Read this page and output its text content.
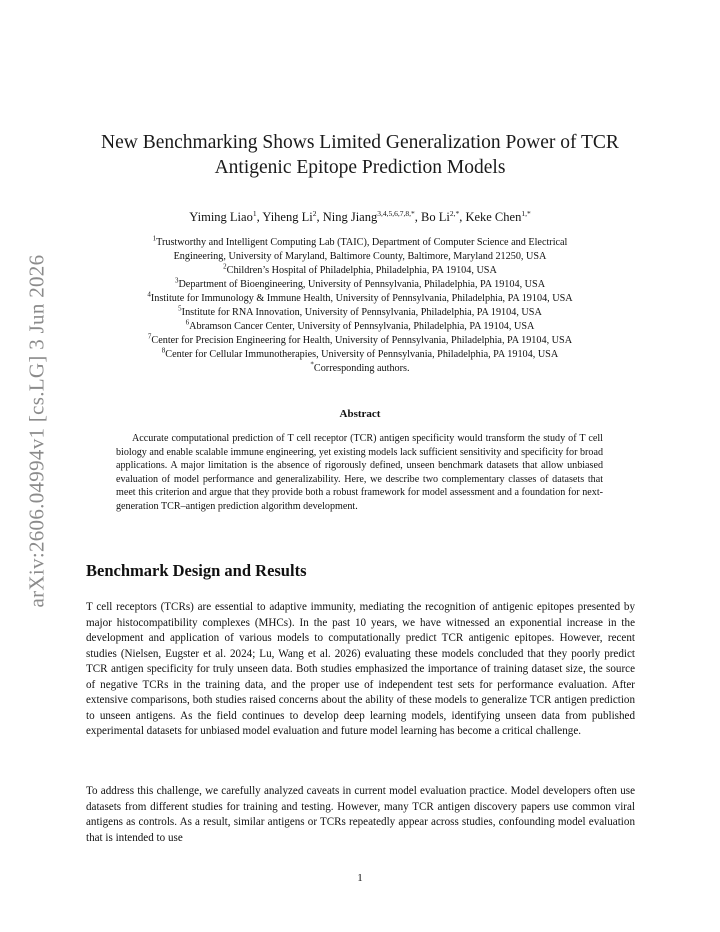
arXiv:2606.04994v1 [cs.LG] 3 Jun 2026
New Benchmarking Shows Limited Generalization Power of TCR
Antigenic Epitope Prediction Models
Yiming Liao$^1$, Yiheng Li$^2$, Ning Jiang$^{3,4,5,6,7,8,*}$, Bo $Li^{2,*}$, Keke Chen$^{1,*}$
$^1$Trustworthy and Intelligent Computing Lab (TAIC), Department of Computer Science and Electrical
Engineering, University of Maryland, Baltimore County, Baltimore, Maryland 21250, USA
$^2$Children’s Hospital of Philadelphia, Philadelphia, PA 19104, USA
$^3$Department of Bioengineering, University of Pennsylvania, Philadelphia, PA 19104, USA
$^4$Institute for Immunology & Immune Health, University of Pennsylvania, Philadelphia, PA 19104, USA
$^5$Institute for RNA Innovation, University of Pennsylvania, Philadelphia, PA 19104, USA
$^6$Abramson Cancer Center, University of Pennsylvania, Philadelphia, PA 19104, USA
$^7$Center for Precision Engineering for Health, University of Pennsylvania, Philadelphia, PA 19104, USA
$^8$Center for Cellular Immunotherapies, University of Pennsylvania, Philadelphia, PA 19104, USA
*Corresponding authors.
Abstract
Accurate computational prediction of T cell receptor (TCR) antigen specificity would transform the study of T cell biology and enable scalable immune engineering, yet existing models lack sufficient sensitivity and specificity for broad applications. A major limitation is the absence of rigorously defined, unseen benchmark datasets that allow unbiased evaluation of model performance and generalizability. Here, we describe two complementary classes of datasets that meet this criterion and argue that they provide both a robust framework for model assessment and a foundation for next-generation TCR–antigen prediction algorithm development.
Benchmark Design and Results
T cell receptors (TCRs) are essential to adaptive immunity, mediating the recognition of antigenic epitopes presented by major histocompatibility complexes (MHCs). In the past 10 years, we have witnessed an exponential increase in the development and application of various models to computationally predict TCR antigenic epitopes. However, recent studies (Nielsen, Eugster et al. 2024; Lu, Wang et al. 2026) evaluating these models concluded that they poorly predict TCR antigen specificity for truly unseen data. Both studies emphasized the importance of training dataset size, the source of negative TCRs in the training data, and the proper use of independent test sets for performance evaluation. After extensive comparisons, both studies raised concerns about the ability of these models to generalize TCR antigen prediction to unseen antigens. As the field continues to develop deep learning models, identifying unseen data from published experimental datasets for unbiased model evaluation and future model learning has become a critical challenge.
To address this challenge, we carefully analyzed caveats in current model evaluation practice. Model developers often use datasets from different studies for training and testing. However, many TCR antigen discovery papers use common viral antigens as controls. As a result, similar antigens or TCRs repeatedly appear across studies, confounding model evaluation that is intended to use
1
